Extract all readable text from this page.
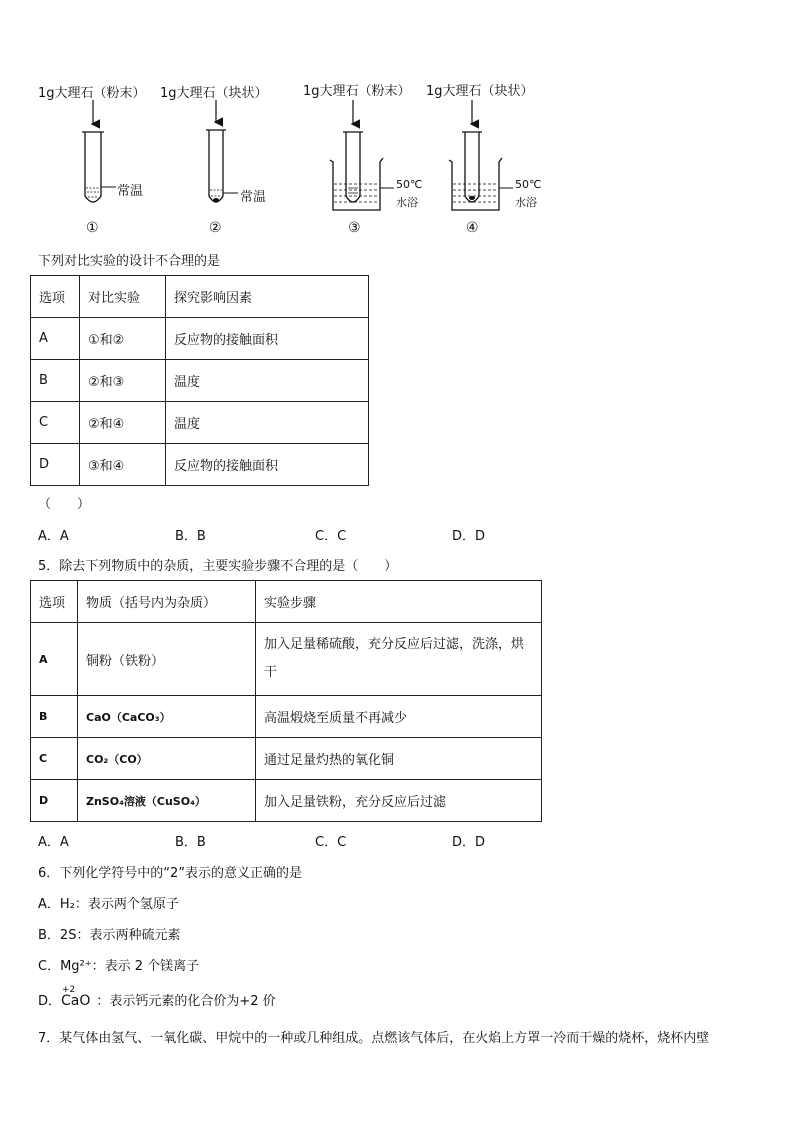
1g大理石（粉末） 1g大理石（块状）	1g大理石（粉末） 1g大理石（块状）
常温	常温
50℃
水浴
50℃
水浴
①	②	③	④
下列对比实验的设计不合理的是
选项	对比实验	探究影响因素
A	①和②	反应物的接触面积
B	②和③	温度
C	②和④	温度
D	③和④	反应物的接触面积
（　　）
A．A	B．B	C．C	D．D
5．除去下列物质中的杂质，主要实验步骤不合理的是（　　）
选项	物质（括号内为杂质）	实验步骤
A	铜粉（铁粉）	加入足量稀硫酸，充分反应后过滤，洗涤，烘
干

B	CaO（CaCO₃）	高温煅烧至质量不再减少
C	CO₂（CO）	通过足量灼热的氧化铜
D	ZnSO₄溶液（CuSO₄）	加入足量铁粉，充分反应后过滤
A．A	B．B	C．C	D．D
6．下列化学符号中的“2”表示的意义正确的是
A．H₂：表示两个氢原子
B．2S：表示两种硫元素
C．Mg²⁺：表示 2 个镁离子
D．
+2
CaO ：表示钙元素的化合价为+2 价
7．某气体由氢气、一氧化碳、甲烷中的一种或几种组成。点燃该气体后，在火焰上方罩一冷而干燥的烧杯，烧杯内壁
